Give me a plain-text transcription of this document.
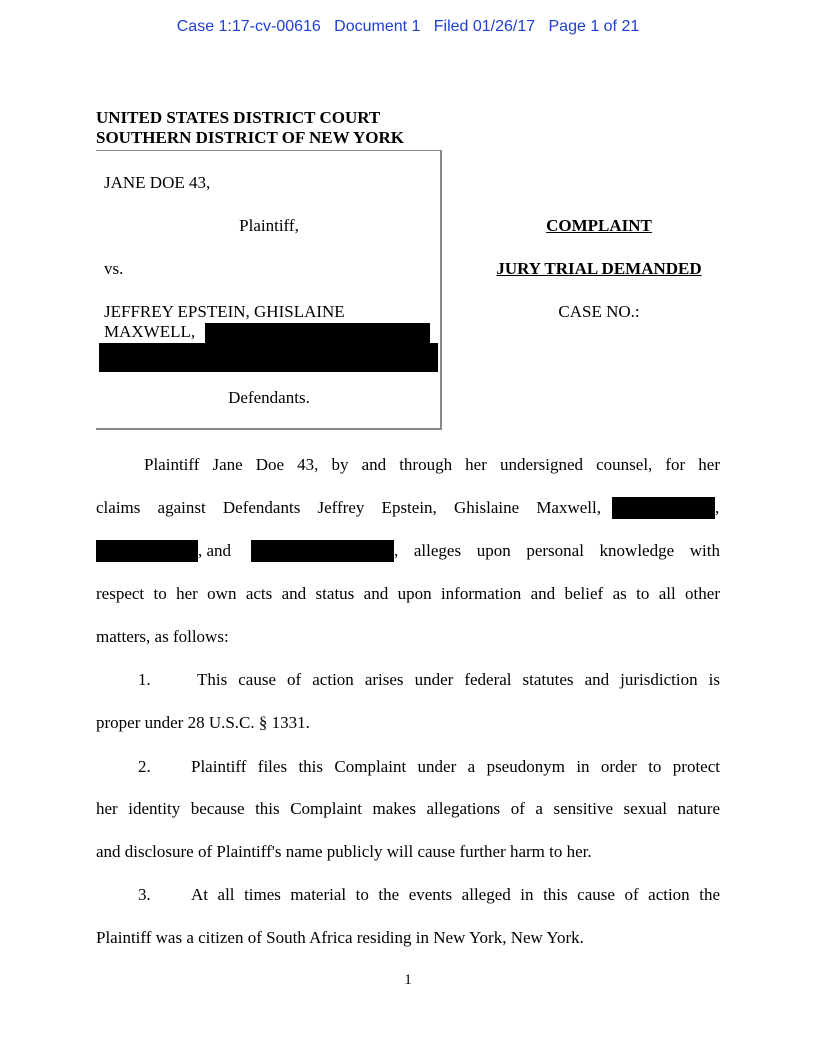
Case 1:17-cv-00616   Document 1   Filed 01/26/17   Page 1 of 21
UNITED STATES DISTRICT COURT
SOUTHERN DISTRICT OF NEW YORK
JANE DOE 43,
Plaintiff,
vs.
JEFFREY EPSTEIN, GHISLAINE
MAXWELL,
Defendants.
COMPLAINT
JURY TRIAL DEMANDED
CASE NO.:
Plaintiff Jane Doe 43, by and through her undersigned counsel, for her
claims against Defendants Jeffrey Epstein, Ghislaine Maxwell,	,
, and	, alleges upon personal knowledge with
respect to her own acts and status and upon information and belief as to all other
matters, as follows:
1.	This cause of action arises under federal statutes and jurisdiction is
proper under 28 U.S.C. § 1331.
2. Plaintiff files this Complaint under a pseudonym in order to protect
her identity because this Complaint makes allegations of a sensitive sexual nature
and disclosure of Plaintiff's name publicly will cause further harm to her.
3. At all times material to the events alleged in this cause of action the
Plaintiff was a citizen of South Africa residing in New York, New York.
1
